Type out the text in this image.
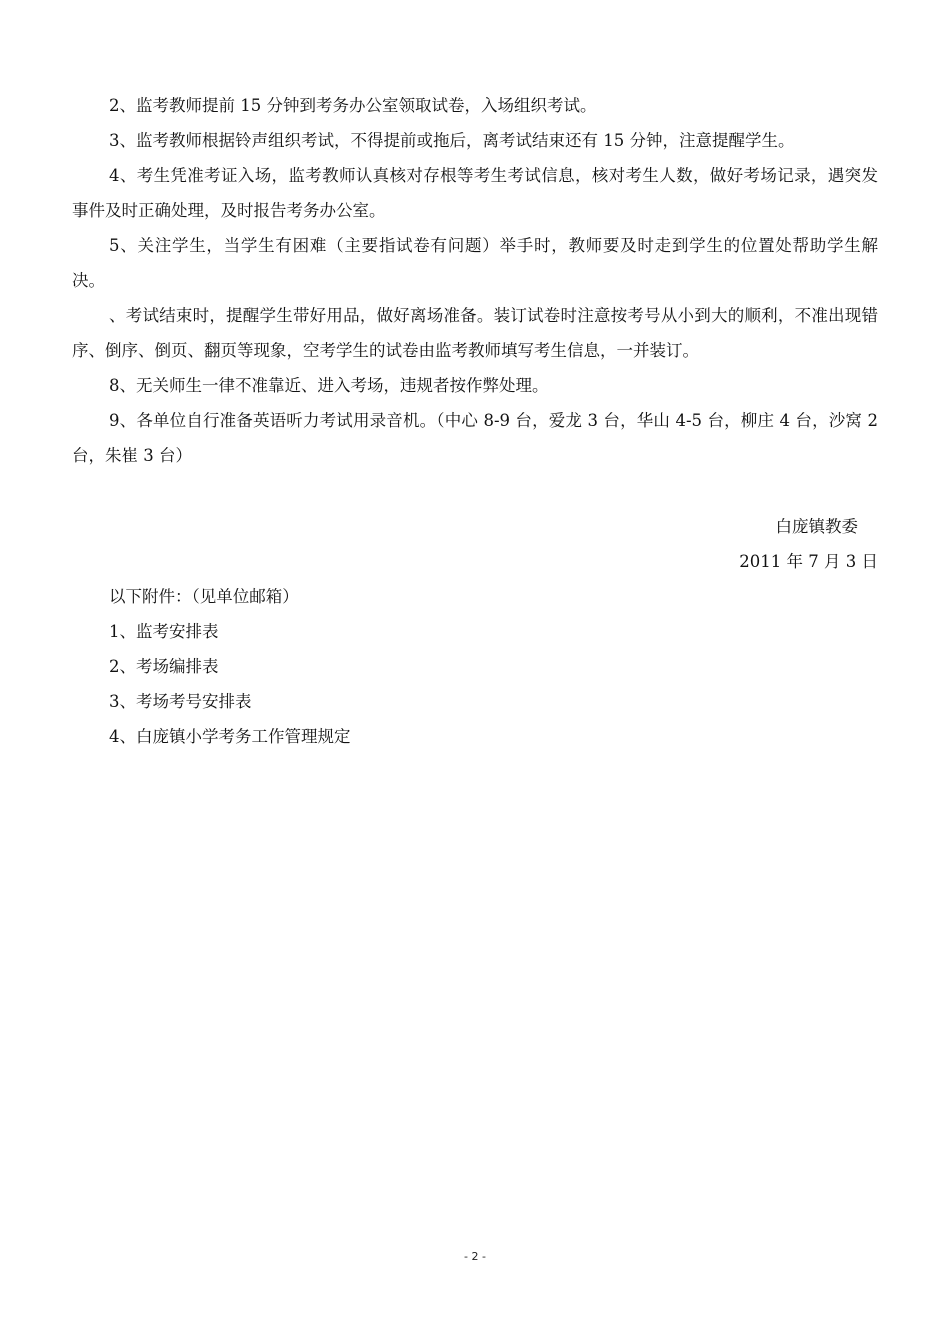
2、监考教师提前 15 分钟到考务办公室领取试卷，入场组织考试。

3、监考教师根据铃声组织考试，不得提前或拖后，离考试结束还有 15 分钟，注意提醒学生。

4、考生凭准考证入场，监考教师认真核对存根等考生考试信息，核对考生人数，做好考场记录，遇突发事件及时正确处理，及时报告考务办公室。

5、关注学生，当学生有困难（主要指试卷有问题）举手时，教师要及时走到学生的位置处帮助学生解决。

、考试结束时，提醒学生带好用品，做好离场准备。装订试卷时注意按考号从小到大的顺利，不准出现错序、倒序、倒页、翻页等现象，空考学生的试卷由监考教师填写考生信息，一并装订。

8、无关师生一律不准靠近、进入考场，违规者按作弊处理。

9、各单位自行准备英语听力考试用录音机。（中心 8-9 台，爱龙 3 台，华山 4-5 台，柳庄 4 台，沙窝 2 台，朱崔 3 台）

白庞镇教委

2011 年 7 月 3 日

以下附件：（见单位邮箱）

1、监考安排表

2、考场编排表

3、考场考号安排表

4、白庞镇小学考务工作管理规定

- 2 -
